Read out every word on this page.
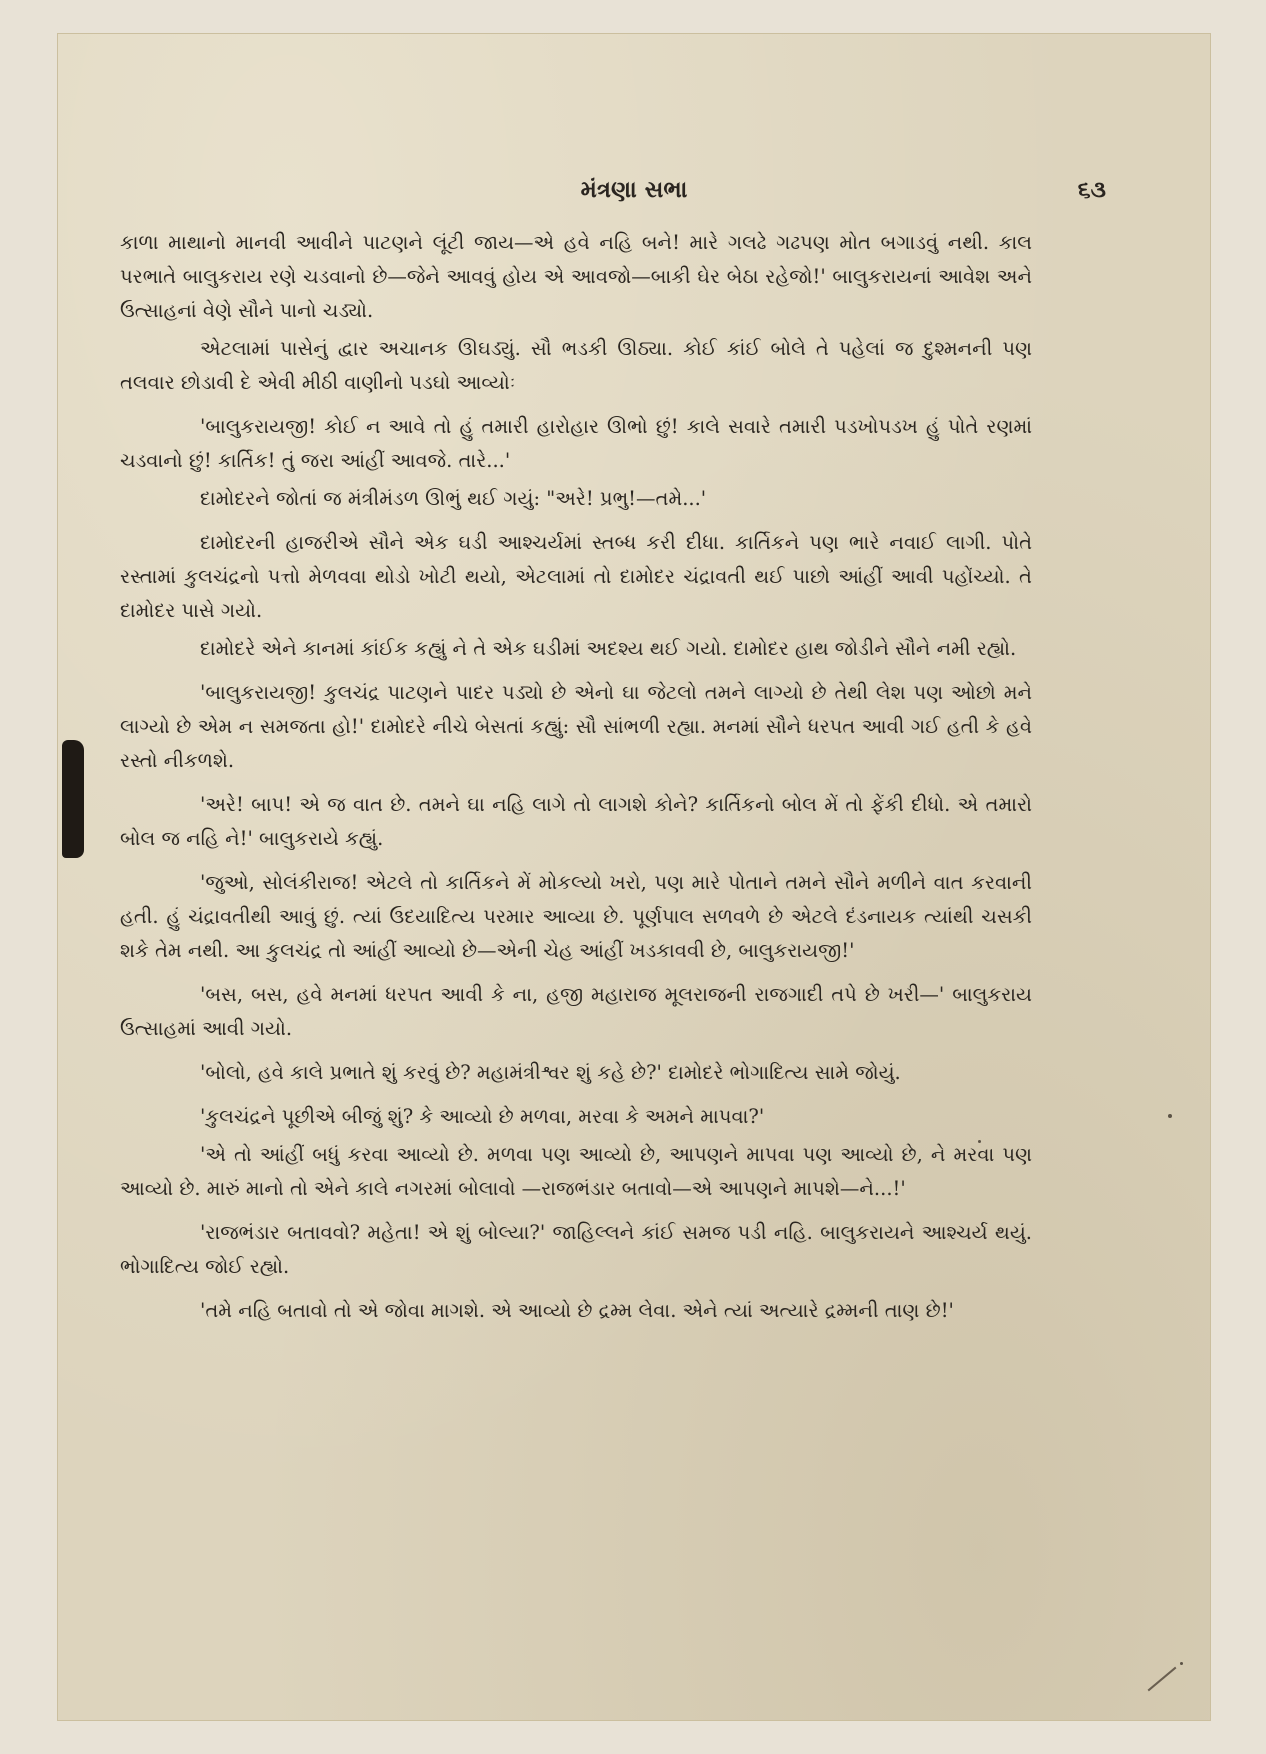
મંત્રણા સભા	૬૩

કાળા માથાનો માનવી આવીને પાટણને લૂંટી જાય—એ હવે નહિ બને! મારે ગલઢે ગઢપણ મોત બગાડવું નથી. કાલ પરભાતે બાલુકરાય રણે ચડવાનો છે—જેને આવવું હોય એ આવજો—બાકી ઘેર બેઠા રહેજો!' બાલુકરાયનાં આવેશ અને ઉત્સાહનાં વેણે સૌને પાનો ચડ્યો.

એટલામાં પાસેનું દ્વાર અચાનક ઊઘડ્યું. સૌ ભડકી ઊઠ્યા. કોઈ કાંઈ બોલે તે પહેલાં જ દુશ્મનની પણ તલવાર છોડાવી દે એવી મીઠી વાણીનો પડઘો આવ્યોઃ

'બાલુકરાયજી! કોઈ ન આવે તો હું તમારી હારોહાર ઊભો છું! કાલે સવારે તમારી પડખોપડખ હું પોતે રણમાં ચડવાનો છું! કાર્તિક! તું જરા આંહીં આવજે. તારે...'

દામોદરને જોતાં જ મંત્રીમંડળ ઊભું થઈ ગયું: "અરે! પ્રભુ!—તમે...'

દામોદરની હાજરીએ સૌને એક ઘડી આશ્ચર્યમાં સ્તબ્ધ કરી દીધા. કાર્તિકને પણ ભારે નવાઈ લાગી. પોતે રસ્તામાં કુલચંદ્રનો પત્તો મેળવવા થોડો ખોટી થયો, એટલામાં તો દામોદર ચંદ્રાવતી થઈ પાછો આંહીં આવી પહોંચ્યો. તે દામોદર પાસે ગયો.

દામોદરે એને કાનમાં કાંઈક કહ્યું ને તે એક ઘડીમાં અદશ્ય થઈ ગયો. દામોદર હાથ જોડીને સૌને નમી રહ્યો.

'બાલુકરાયજી! કુલચંદ્ર પાટણને પાદર પડ્યો છે એનો ઘા જેટલો તમને લાગ્યો છે તેથી લેશ પણ ઓછો મને લાગ્યો છે એમ ન સમજતા હો!' દામોદરે નીચે બેસતાં કહ્યું: સૌ સાંભળી રહ્યા. મનમાં સૌને ધરપત આવી ગઈ હતી કે હવે રસ્તો નીકળશે.

'અરે! બાપ! એ જ વાત છે. તમને ઘા નહિ લાગે તો લાગશે કોને? કાર્તિકનો બોલ મેં તો ફેંકી દીધો. એ તમારો બોલ જ નહિ ને!' બાલુકરાયે કહ્યું.

'જુઓ, સોલંકીરાજ! એટલે તો કાર્તિકને મેં મોકલ્યો ખરો, પણ મારે પોતાને તમને સૌને મળીને વાત કરવાની હતી. હું ચંદ્રાવતીથી આવું છું. ત્યાં ઉદયાદિત્ય પરમાર આવ્યા છે. પૂર્ણપાલ સળવળે છે એટલે દંડનાયક ત્યાંથી ચસકી શકે તેમ નથી. આ કુલચંદ્ર તો આંહીં આવ્યો છે—એની ચેહ આંહીં ખડકાવવી છે, બાલુકરાયજી!'

'બસ, બસ, હવે મનમાં ધરપત આવી કે ના, હજી મહારાજ મૂલરાજની રાજગાદી તપે છે ખરી—' બાલુકરાય ઉત્સાહમાં આવી ગયો.

'બોલો, હવે કાલે પ્રભાતે શું કરવું છે? મહામંત્રીશ્વર શું કહે છે?' દામોદરે ભોગાદિત્ય સામે જોયું.

'કુલચંદ્રને પૂછીએ બીજું શું? કે આવ્યો છે મળવા, મરવા કે અમને માપવા?'

'એ તો આંહીં બધું કરવા આવ્યો છે. મળવા પણ આવ્યો છે, આપણને માપવા પણ આવ્યો છે, ને મરવા પણ આવ્યો છે. મારું માનો તો એને કાલે નગરમાં બોલાવો —રાજભંડાર બતાવો—એ આપણને માપશે—ને...!'

'રાજભંડાર બતાવવો? મહેતા! એ શું બોલ્યા?' જાહિલ્લને કાંઈ સમજ પડી નહિ. બાલુકરાયને આશ્ચર્ય થયું. ભોગાદિત્ય જોઈ રહ્યો.

'તમે નહિ બતાવો તો એ જોવા માગશે. એ આવ્યો છે દ્રમ્મ લેવા. એને ત્યાં અત્યારે દ્રમ્મની તાણ છે!'
